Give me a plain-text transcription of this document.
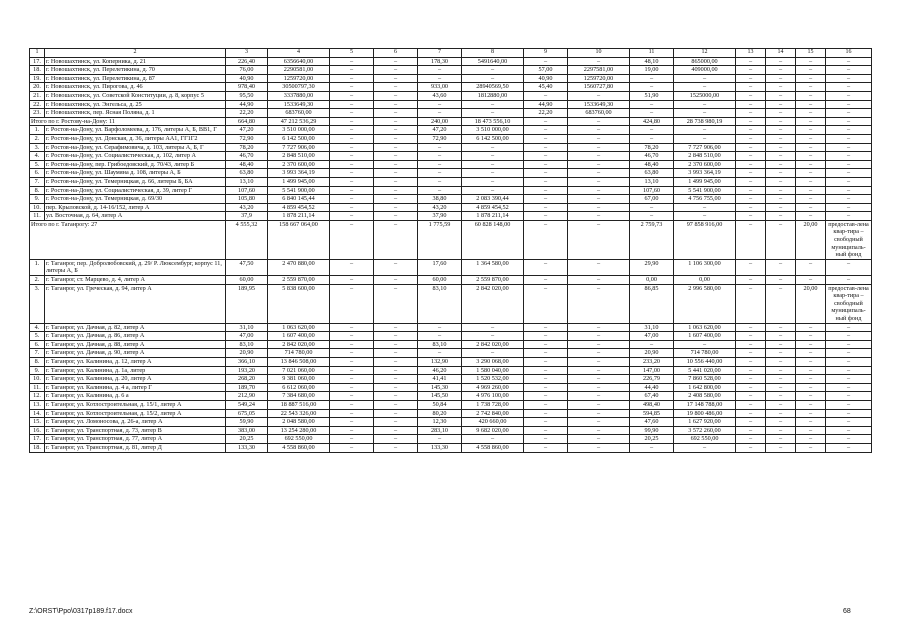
1	2	3	4	5	6	7	8	9	10	11	12	13	14	15	16
17.	г. Новошахтинск, ул. Коперника, д. 21	226,40	6356640,00	–	–	178,30	5491640,00	–	–	48,10	865000,00	–	–	–	–
18.	г. Новошахтинск, ул. Перелетикина, д. 70	76,00	2290581,00	–	–	–	–	57,00	2297581,00	19,00	409000,00	–	–	–	–
19.	г. Новошахтинск, ул. Перелетикина, д. 87	40,90	1259720,00	–	–	–	–	40,90	1259720,00	–	–	–	–	–	–
20.	г. Новошахтинск, ул. Пирогова, д. 46	978,40	30500797,30	–	–	933,00	28940569,50	45,40	1560727,80	–	–	–	–	–	–
21.	г. Новошахтинск, ул. Советской Конституции, д. 8, корпус 5	95,50	3337880,00	–	–	43,60	1812880,00	–	–	51,90	1525000,00	–	–	–	–
22.	г. Новошахтинск, ул. Энгельса, д. 25	44,90	1533649,30	–	–	–	–	44,90	1533649,30	–	–	–	–	–	–
23.	г. Новошахтинск, пер. Ясная Поляна, д. 1	22,20	683760,00	–	–	–	–	22,20	683760,00	–	–	–	–	–	–
Итого по г. Ростову-на-Дону: 11		664,80	47 212 536,29	–	–	240,00	18 473 556,10	–	–	424,80	28 738 980,19	–	–	–	–
1.	г. Ростов-на-Дону, ул. Варфоломеева, д. 176, литеры А, Б, ВВ1, Г	47,20	3 510 000,00	–	–	47,20	3 510 000,00	–	–	–	–	–	–	–	–
2.	г. Ростов-на-Дону, ул. Донская, д. 36, литеры АА1, ГГ1Г2	72,90	6 142 500,00	–	–	72,90	6 142 500,00	–	–	–	–	–	–	–	–
3.	г. Ростов-на-Дону, ул. Серафимовича, д. 103, литеры А, Б, Г	78,20	7 727 906,00	–	–	–	–	–	–	78,20	7 727 906,00	–	–	–	–
4.	г. Ростов-на-Дону, ул. Социалистическая, д. 102, литер А	46,70	2 848 510,00	–	–	–	–	–	–	46,70	2 848 510,00	–	–	–	–
5.	г. Ростов-на-Дону, пер. Грибоедовский, д. 70/43, литер Б	48,40	2 370 600,00	–	–	–	–	–	–	48,40	2 370 600,00	–	–	–	–
6.	г. Ростов-на-Дону, ул. Шаумяна д. 108, литеры А, Б	63,80	3 993 364,19	–	–	–	–	–	–	63,80	3 993 364,19	–	–	–	–
7.	г. Ростов-на-Дону, ул. Темерницкая, д. 66, литеры Б, БА	13,10	1 499 945,00	–	–	–	–	–	–	13,10	1 499 945,00	–	–	–	–
8.	г. Ростов-на-Дону, ул. Социалистическая, д. 39, литер Г	107,60	5 541 900,00	–	–	–	–	–	–	107,60	5 541 900,00	–	–	–	–
9.	г. Ростов-на-Дону, ул. Темерницкая, д. 69/30	105,80	6 840 145,44	–	–	38,80	2 083 390,44	–	–	67,00	4 756 755,00	–	–	–	–
10.	пер. Крыловской, д. 14-16/152, литер А	43,20	4 859 454,52	–	–	43,20	4 859 454,52	–	–	–	–	–	–	–	–
11.	ул. Восточная, д. 64, литер А	37,9	1 878 211,14	–	–	37,90	1 878 211,14	–	–	–	–	–	–	–	–
Итого по г. Таганрогу: 27		4 555,32	158 667 064,00	–	–	1 775,59	60 828 148,00	–	–	2 759,73	97 858 916,00	–	–	20,00	предостав-лена квар-тира – свободный муниципаль-ный фонд
1.	г. Таганрог, пер. Добролюбовский, д. 29/ Р. Люксембург, корпус 11, литеры А, Б	47,50	2 470 880,00	–	–	17,60	1 364 580,00	–	–	29,90	1 106 300,00	–	–	–	–
2.	г. Таганрог, ст. Марцево, д. 4, литер А	60,00	2 559 870,00	–	–	60,00	2 559 870,00	–	–	0,00	0,00	–	–	–	–
3.	г. Таганрог, ул. Греческая, д. 94, литер А	189,95	5 838 600,00	–	–	83,10	2 842 020,00	–	–	86,85	2 996 580,00	–	–	20,00	предостав-лена квар-тира – свободный муниципаль-ный фонд
4.	г. Таганрог, ул. Дачная, д. 82, литер А	31,10	1 063 620,00	–	–	–	–	–	–	31,10	1 063 620,00	–	–	–	–
5.	г. Таганрог, ул. Дачная, д. 86, литер А	47,00	1 607 400,00	–	–	–	–	–	–	47,00	1 607 400,00	–	–	–	–
6.	г. Таганрог, ул. Дачная, д. 88, литер А	83,10	2 842 020,00	–	–	83,10	2 842 020,00	–	–	–	–	–	–	–	–
7.	г. Таганрог, ул. Дачная, д. 90, литер А	20,90	714 780,00	–	–	–	–	–	–	20,90	714 780,00	–	–	–	–
8.	г. Таганрог, ул. Калинина, д. 12, литер А	366,10	13 846 508,00	–	–	132,90	3 290 068,00	–	–	233,20	10 556 440,00	–	–	–	–
9.	г. Таганрог, ул. Калинина, д. 1а, литер	193,20	7 021 060,00	–	–	46,20	1 580 040,00	–	–	147,00	5 441 020,00	–	–	–	–
10.	г. Таганрог, ул. Калинина, д. 20, литер А	268,20	9 381 060,00	–	–	41,41	1 520 532,00	–	–	226,79	7 860 528,00	–	–	–	–
11.	г. Таганрог, ул. Калинина, д. 4 а, литер Г	189,70	6 612 060,00	–	–	145,30	4 969 260,00	–	–	44,40	1 642 800,00	–	–	–	–
12.	г. Таганрог, ул. Калинина, д. 6 а	212,90	7 384 680,00	–	–	145,50	4 976 100,00	–	–	67,40	2 408 580,00	–	–	–	–
13.	г. Таганрог, ул. Котлостроительная, д. 15/1, литер А	549,24	18 887 516,00	–	–	50,84	1 738 728,00	–	–	498,40	17 148 788,00	–	–	–	–
14.	г. Таганрог, ул. Котлостроительная, д. 15/2, литер А	675,05	22 543 326,00	–	–	80,20	2 742 840,00	–	–	594,85	19 800 486,00	–	–	–	–
15.	г. Таганрог, ул. Ломоносова, д. 26-а, литер А	59,90	2 048 580,00	–	–	12,30	420 660,00	–	–	47,60	1 627 920,00	–	–	–	–
16.	г. Таганрог, ул. Транспортная, д. 73, литер В	383,00	13 254 280,00	–	–	283,10	9 682 020,00	–	–	99,90	3 572 260,00	–	–	–	–
17.	г. Таганрог, ул. Транспортная, д. 77, литер А	20,25	692 550,00	–	–	–	–	–	–	20,25	692 550,00	–	–	–	–
18.	г. Таганрог, ул. Транспортная, д. 81, литер Д	133,30	4 558 860,00	–	–	133,30	4 558 860,00	–	–	–	–	–	–	–	–
Z:\ORST\Ppo\0317p189.f17.docx	68
